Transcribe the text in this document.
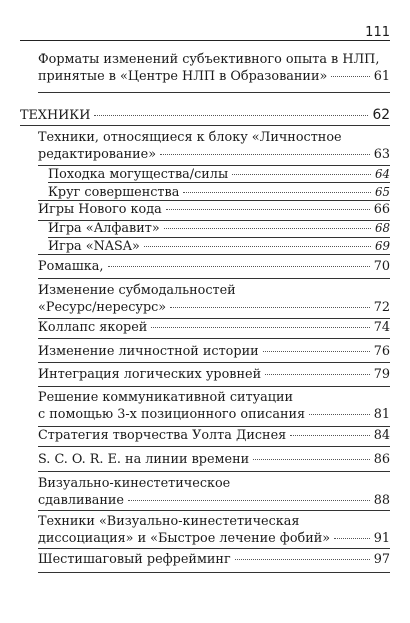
111
Форматы изменений субъективного опыта в НЛП,
принятые в «Центре НЛП в Образовании»	61
ТЕХНИКИ	62
Техники, относящиеся к блоку «Личностное
редактирование»	63
Походка могущества/силы	64
Круг совершенства	65
Игры Нового кода	66
Игра «Алфавит»	68
Игра «NASA»	69
Ромашка,	70
Изменение субмодальностей
«Ресурс/нересурс»	72
Коллапс якорей	74
Изменение личностной истории	76
Интеграция логических уровней	79
Решение коммуникативной ситуации
с помощью 3-х позиционного описания	81
Стратегия творчества Уолта Диснея	84
S. C. O. R. E. на линии времени	86
Визуально-кинестетическое
сдавливание	88
Техники «Визуально-кинестетическая
диссоциация» и «Быстрое лечение фобий»	91
Шестишаговый рефрейминг	97
